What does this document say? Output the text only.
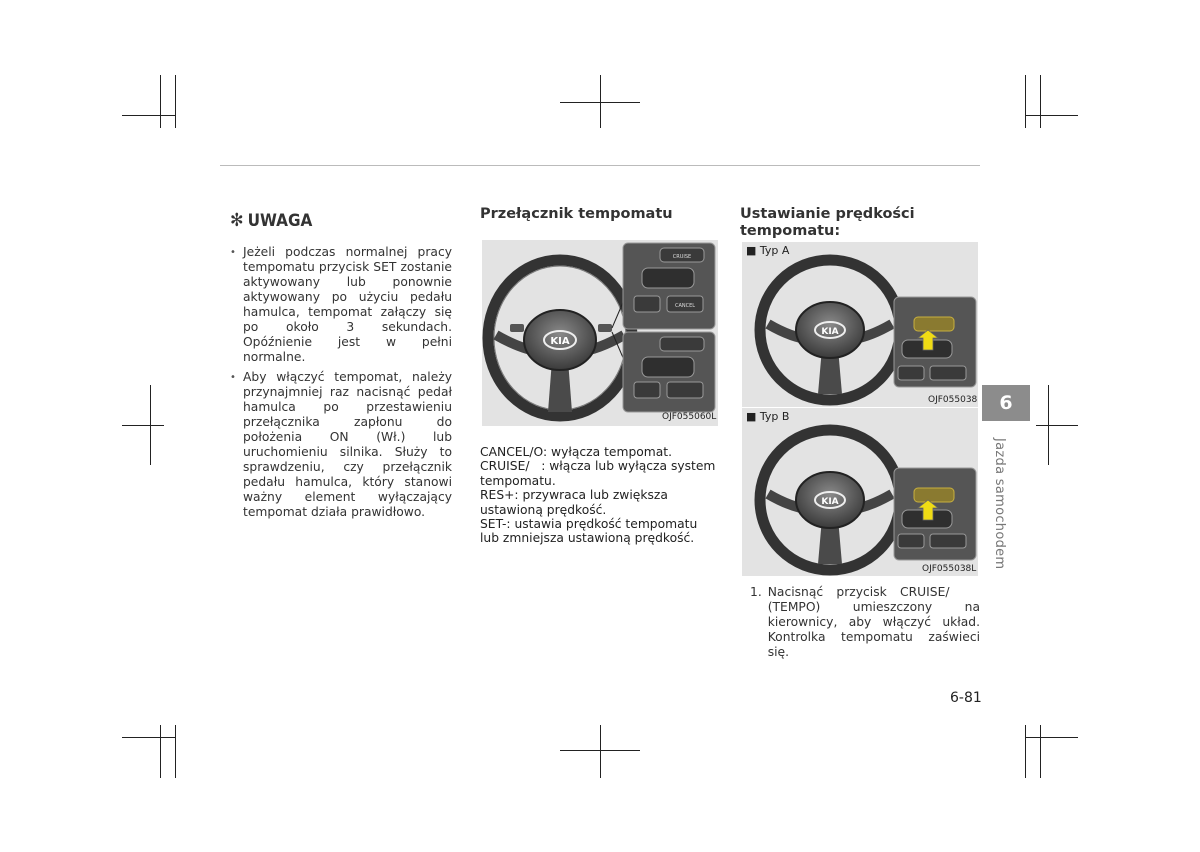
✻ UWAGA
• Jeżeli podczas normalnej pracy tempomatu przycisk SET zostanie aktywowany lub ponownie aktywowany po użyciu pedału hamulca, tempomat załączy się po około 3 sekundach. Opóźnienie jest w pełni normalne.
• Aby włączyć tempomat, należy przynajmniej raz nacisnąć pedał hamulca po przestawieniu przełącznika zapłonu do położenia ON (Wł.) lub uruchomieniu silnika. Służy to sprawdzeniu, czy przełącznik pedału hamulca, który stanowi ważny element wyłączający tempomat działa prawidłowo.
Przełącznik tempomatu
KIA
CRUISE
CANCEL
OJF055060L

CANCEL/O: wyłącza tempomat.

CRUISE/   : włącza lub wyłącza system tempomatu.

RES+: przywraca lub zwiększa ustawioną prędkość.

SET-: ustawia prędkość tempomatu lub zmniejsza ustawioną prędkość.

Ustawianie prędkości tempomatu:
■ Typ A
KIA
OJF055038
■ Typ B
KIA
OJF055038L
1. Nacisnąć przycisk CRUISE/    (TEMPO) umieszczony na kierownicy, aby włączyć układ. Kontrolka tempomatu zaświeci się.
6
Jazda samochodem
6-81
